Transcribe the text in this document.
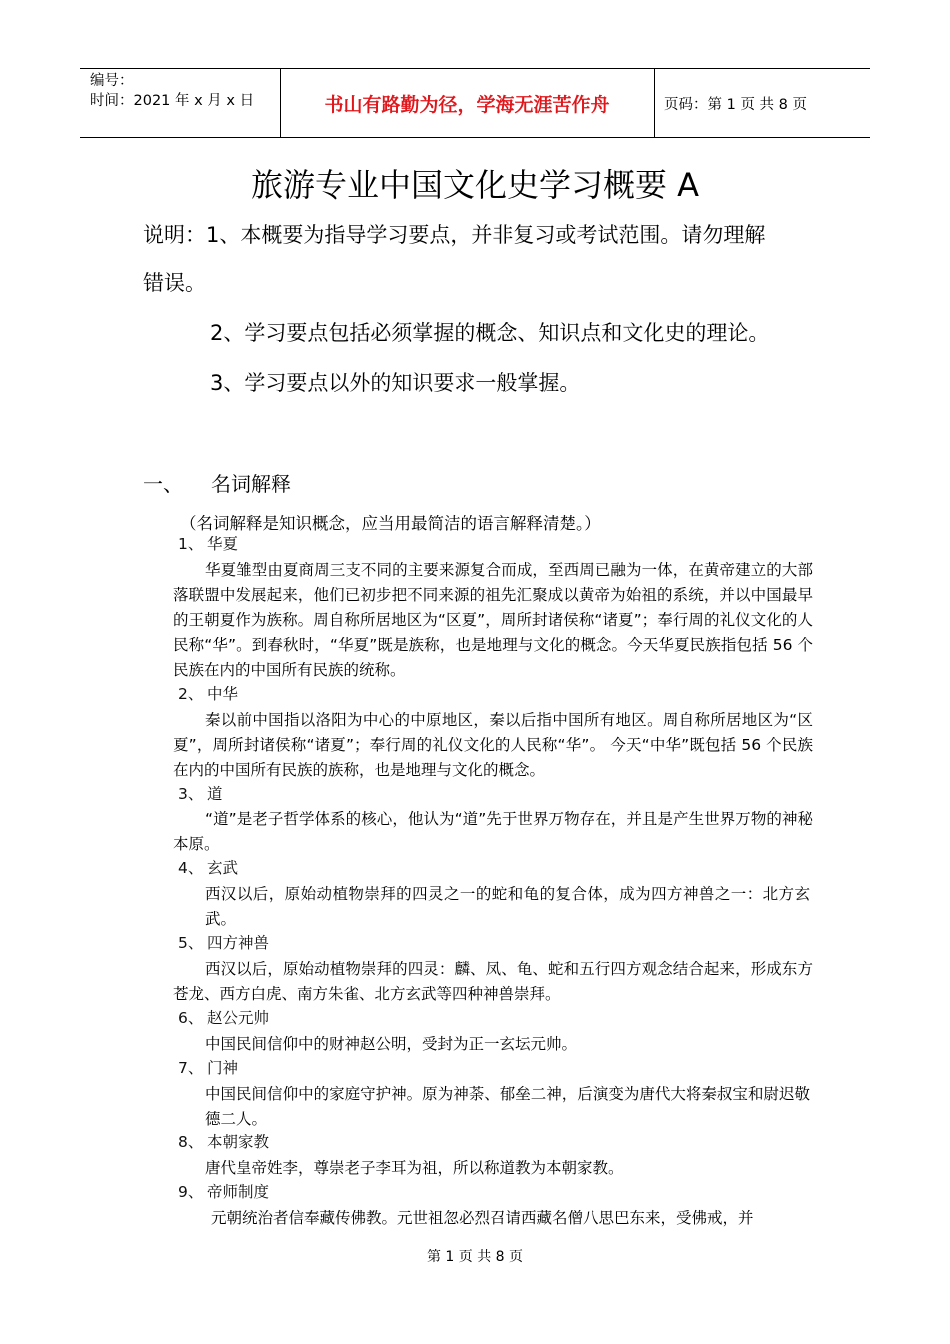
编号：
时间：2021 年 x 月 x 日	书山有路勤为径，学海无涯苦作舟	页码：第 1 页 共 8 页
旅游专业中国文化史学习概要 A
说明：1、本概要为指导学习要点，并非复习或考试范围。请勿理解
错误。
2、学习要点包括必须掌握的概念、知识点和文化史的理论。
3、学习要点以外的知识要求一般掌握。
一、 名词解释
（名词解释是知识概念，应当用最简洁的语言解释清楚。）
1、 华夏
华夏雏型由夏商周三支不同的主要来源复合而成，至西周已融为一体，在黄帝建立的大部落联盟中发展起来，他们已初步把不同来源的祖先汇聚成以黄帝为始祖的系统，并以中国最早的王朝夏作为族称。周自称所居地区为“区夏”，周所封诸侯称“诸夏”；奉行周的礼仪文化的人民称“华”。到春秋时，“华夏”既是族称，也是地理与文化的概念。今天华夏民族指包括 56 个民族在内的中国所有民族的统称。
2、 中华
秦以前中国指以洛阳为中心的中原地区，秦以后指中国所有地区。周自称所居地区为“区夏”，周所封诸侯称“诸夏”；奉行周的礼仪文化的人民称“华”。 今天“中华”既包括 56 个民族在内的中国所有民族的族称，也是地理与文化的概念。
3、 道
“道”是老子哲学体系的核心，他认为“道”先于世界万物存在，并且是产生世界万物的神秘本原。
4、 玄武
西汉以后，原始动植物崇拜的四灵之一的蛇和龟的复合体，成为四方神兽之一：北方玄武。
5、 四方神兽
西汉以后，原始动植物崇拜的四灵：麟、凤、龟、蛇和五行四方观念结合起来，形成东方苍龙、西方白虎、南方朱雀、北方玄武等四种神兽崇拜。
6、 赵公元帅
中国民间信仰中的财神赵公明，受封为正一玄坛元帅。
7、 门神
中国民间信仰中的家庭守护神。原为神荼、郁垒二神，后演变为唐代大将秦叔宝和尉迟敬德二人。
8、 本朝家教
唐代皇帝姓李，尊崇老子李耳为祖，所以称道教为本朝家教。
9、 帝师制度
元朝统治者信奉藏传佛教。元世祖忽必烈召请西藏名僧八思巴东来，受佛戒，并
第 1 页 共 8 页
